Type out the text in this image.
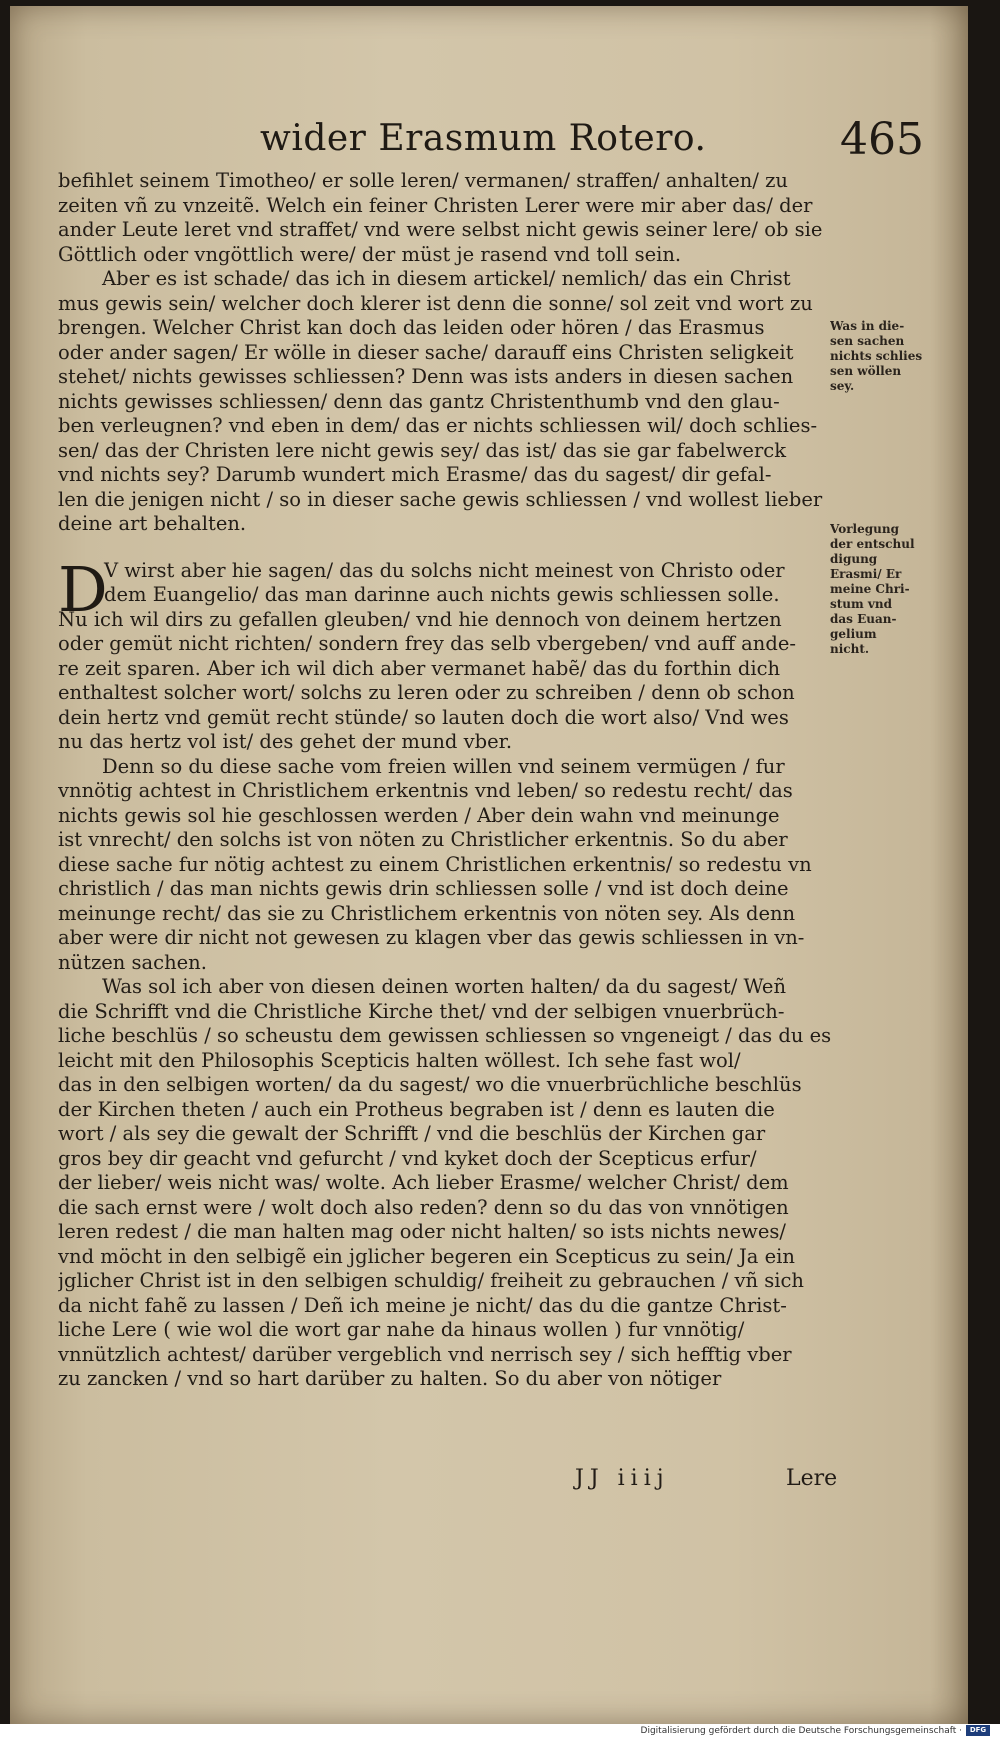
wider Erasmum Rotero.	465
befihlet seinem Timotheo/ er solle leren/ vermanen/ straffen/ anhalten/ zu
zeiten vñ zu vnzeitẽ. Welch ein feiner Christen Lerer were mir aber das/ der
ander Leute leret vnd straffet/ vnd were selbst nicht gewis seiner lere/ ob sie
Göttlich oder vngöttlich were/ der müst je rasend vnd toll sein.
Aber es ist schade/ das ich in diesem artickel/ nemlich/ das ein Christ
mus gewis sein/ welcher doch klerer ist denn die sonne/ sol zeit vnd wort zu
brengen. Welcher Christ kan doch das leiden oder hören / das Erasmus
oder ander sagen/ Er wölle in dieser sache/ darauff eins Christen seligkeit
stehet/ nichts gewisses schliessen? Denn was ists anders in diesen sachen
nichts gewisses schliessen/ denn das gantz Christenthumb vnd den glau-
ben verleugnen? vnd eben in dem/ das er nichts schliessen wil/ doch schlies-
sen/ das der Christen lere nicht gewis sey/ das ist/ das sie gar fabelwerck
vnd nichts sey? Darumb wundert mich Erasme/ das du sagest/ dir gefal-
len die jenigen nicht / so in dieser sache gewis schliessen / vnd wollest lieber
deine art behalten.
D
V wirst aber hie sagen/ das du solchs nicht meinest von Christo oder
dem Euangelio/ das man darinne auch nichts gewis schliessen solle.
Nu ich wil dirs zu gefallen gleuben/ vnd hie dennoch von deinem hertzen
oder gemüt nicht richten/ sondern frey das selb vbergeben/ vnd auff ande-
re zeit sparen. Aber ich wil dich aber vermanet habẽ/ das du forthin dich
enthaltest solcher wort/ solchs zu leren oder zu schreiben / denn ob schon
dein hertz vnd gemüt recht stünde/ so lauten doch die wort also/ Vnd wes
nu das hertz vol ist/ des gehet der mund vber.
Denn so du diese sache vom freien willen vnd seinem vermügen / fur
vnnötig achtest in Christlichem erkentnis vnd leben/ so redestu recht/ das
nichts gewis sol hie geschlossen werden / Aber dein wahn vnd meinunge
ist vnrecht/ den solchs ist von nöten zu Christlicher erkentnis. So du aber
diese sache fur nötig achtest zu einem Christlichen erkentnis/ so redestu vn
christlich / das man nichts gewis drin schliessen solle / vnd ist doch deine
meinunge recht/ das sie zu Christlichem erkentnis von nöten sey. Als denn
aber were dir nicht not gewesen zu klagen vber das gewis schliessen in vn-
nützen sachen.
Was sol ich aber von diesen deinen worten halten/ da du sagest/ Weñ
die Schrifft vnd die Christliche Kirche thet/ vnd der selbigen vnuerbrüch-
liche beschlüs / so scheustu dem gewissen schliessen so vngeneigt / das du es
leicht mit den Philosophis Scepticis halten wöllest. Ich sehe fast wol/
das in den selbigen worten/ da du sagest/ wo die vnuerbrüchliche beschlüs
der Kirchen theten / auch ein Protheus begraben ist / denn es lauten die
wort / als sey die gewalt der Schrifft / vnd die beschlüs der Kirchen gar
gros bey dir geacht vnd gefurcht / vnd kyket doch der Scepticus erfur/
der lieber/ weis nicht was/ wolte. Ach lieber Erasme/ welcher Christ/ dem
die sach ernst were / wolt doch also reden? denn so du das von vnnötigen
leren redest / die man halten mag oder nicht halten/ so ists nichts newes/
vnd möcht in den selbigẽ ein jglicher begeren ein Scepticus zu sein/ Ja ein
jglicher Christ ist in den selbigen schuldig/ freiheit zu gebrauchen / vñ sich
da nicht fahẽ zu lassen / Deñ ich meine je nicht/ das du die gantze Christ-
liche Lere ( wie wol die wort gar nahe da hinaus wollen ) fur vnnötig/
vnnützlich achtest/ darüber vergeblich vnd nerrisch sey / sich hefftig vber
zu zancken / vnd so hart darüber zu halten. So du aber von nötiger
Was in die-
sen sachen
nichts schlies
sen wöllen
sey.
Vorlegung
der entschul
digung
Erasmi/ Er
meine Chri-
stum vnd
das Euan-
gelium
nicht.
JJ iiij	Lere
Digitalisierung gefördert durch die Deutsche Forschungsgemeinschaft ·	DFG
